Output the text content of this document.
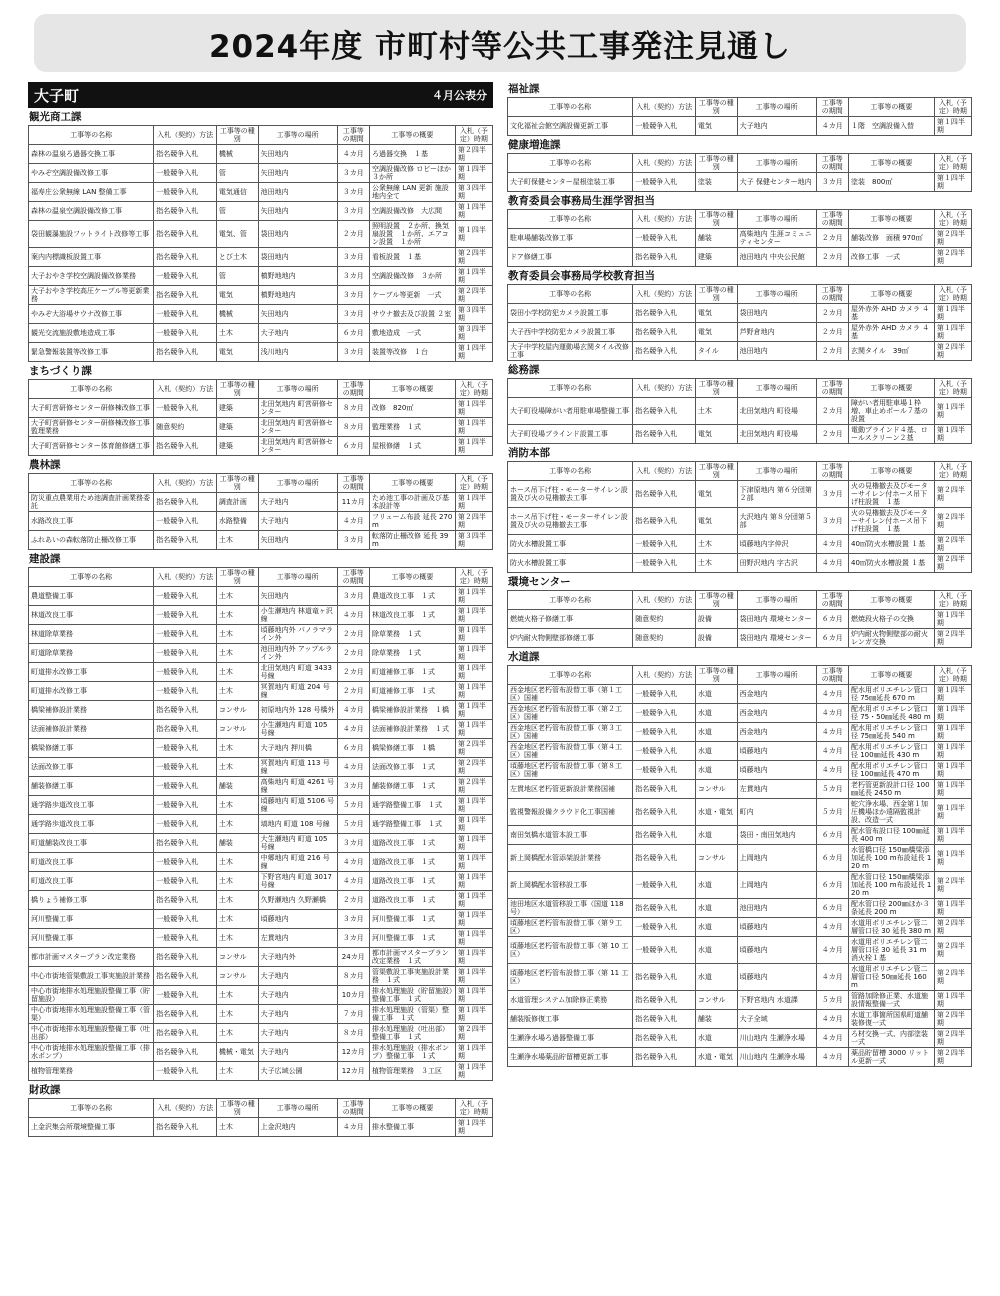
2024年度 市町村等公共工事発注見通し
大子町	４月公表分
観光商工課
工事等の名称	入札（契約）方法	工事等の種別	工事等の場所	工事等の期間	工事等の概要	入札（予定）時期
森林の温泉ろ過器交換工事	指名競争入札	機械	矢田地内	４カ月	ろ過器交換　１基	第２四半期
やみぞ空調設備改修工事	一般競争入札	管	矢田地内	３カ月	空調設備改修 ロビーほか３か所	第１四半期
福寿庄公衆無線 LAN 整備工事	一般競争入札	電気通信	池田地内	３カ月	公衆無線 LAN 更新 施設地内全て	第３四半期
森林の温泉空調設備改修工事	指名競争入札	管	矢田地内	３カ月	空調設備改修　大広間	第１四半期
袋田観瀑施設フットライト改修等工事	指名競争入札	電気、管	袋田地内	２カ月	照明設置　２か所、換気扇設置　１か所、エアコン設置　１か所	第１四半期
案内内標識板設置工事	指名競争入札	とび土木	袋田地内	３カ月	看板設置　１基	第２四半期
大子おやき学校空調設備改修業務	一般競争入札	管	槙野地地内	３カ月	空調設備改修　３か所	第１四半期
大子おやき学校高圧ケーブル等更新業務	指名競争入札	電気	槙野地地内	３カ月	ケーブル等更新　一式	第２四半期
やみぞ大浴場サウナ改修工事	一般競争入札	機械	矢田地内	３カ月	サウナ撤去及び設置 ２室	第３四半期
観光交流施設敷地造成工事	一般競争入札	土木	大子地内	６カ月	敷地造成　一式	第３四半期
緊急警報装置等改修工事	指名競争入札	電気	浅川地内	３カ月	装置等改修　１台	第１四半期
まちづくり課
工事等の名称	入札（契約）方法	工事等の種別	工事等の場所	工事等の期間	工事等の概要	入札（予定）時期
大子町営研修センター研修棟改修工事	一般競争入札	建築	北田気地内 町営研修センター	８カ月	改修　820㎡	第１四半期
大子町営研修センター研修棟改修工事監理業務	随意契約	建築	北田気地内 町営研修センター	８カ月	監理業務　１式	第１四半期
大子町営研修センター体育館修繕工事	指名競争入札	建築	北田気地内 町営研修センター	６カ月	屋根修繕　１式	第１四半期
農林課
工事等の名称	入札（契約）方法	工事等の種別	工事等の場所	工事等の期間	工事等の概要	入札（予定）時期
防災重点農業用ため池調査計画業務委託	指名競争入札	調査計画	大子地内	11カ月	ため池工事の計画及び基本設計等	第１四半期
水路改良工事	一般競争入札	水路整備	大子地内	４カ月	フリューム布設 延長 270 m	第２四半期
ふれあいの森転落防止柵改修工事	指名競争入札	土木	矢田地内	３カ月	転落防止柵改修 延長 39 m	第３四半期
建設課
工事等の名称	入札（契約）方法	工事等の種別	工事等の場所	工事等の期間	工事等の概要	入札（予定）時期
農道整備工事	一般競争入札	土木	矢田地内	３カ月	農道改良工事　１式	第１四半期
林道改良工事	一般競争入札	土木	小生瀬地内 林道竜ヶ沢線	４カ月	林道改良工事　１式	第１四半期
林道除草業務	一般競争入札	土木	頃藤地内外 パノラマライン外	２カ月	除草業務　１式	第１四半期
町道除草業務	一般競争入札	土木	池田地内外 アップルライン外	２カ月	除草業務　１式	第１四半期
町道排水改修工事	一般競争入札	土木	北田気地内 町道 3433 号線	２カ月	町道補修工事　１式	第１四半期
町道排水改修工事	一般競争入札	土木	冥賀地内 町道 204 号線	２カ月	町道補修工事　１式	第１四半期
橋梁補修設計業務	指名競争入札	コンサル	初原地内外 128 号橋外	４カ月	橋梁補修設計業務　１橋	第１四半期
法面補修設計業務	指名競争入札	コンサル	小生瀬地内 町道 105 号線	４カ月	法面補修設計業務　１式	第１四半期
橋梁修繕工事	一般競争入札	土木	大子地内 押川橋	６カ月	橋梁修繕工事　１橋	第２四半期
法面改修工事	一般競争入札	土木	冥賀地内 町道 113 号線	４カ月	法面改修工事　１式	第２四半期
舗装修繕工事	一般競争入札	舗装	高柴地内 町道 4261 号線	３カ月	舗装修繕工事　１式	第２四半期
通学路歩道改良工事	一般競争入札	土木	頃藤地内 町道 5106 号線	５カ月	通学路整備工事　１式	第１四半期
通学路歩道改良工事	一般競争入札	土木	塙地内 町道 108 号線	５カ月	通学路整備工事　１式	第１四半期
町道舗装改良工事	指名競争入札	舗装	大生瀬地内 町道 105 号線	３カ月	道路改良工事　１式	第１四半期
町道改良工事	一般競争入札	土木	中郷地内 町道 216 号線	４カ月	道路改良工事　１式	第１四半期
町道改良工事	一般競争入札	土木	下野宮地内 町道 3017 号線	４カ月	道路改良工事　１式	第１四半期
橋りょう補修工事	指名競争入札	土木	久野瀬地内 久野瀬橋	２カ月	道路改良工事　１式	第１四半期
河川整備工事	一般競争入札	土木	頃藤地内	３カ月	河川整備工事　１式	第１四半期
河川整備工事	一般競争入札	土木	左貫地内	３カ月	河川整備工事　１式	第１四半期
都市計画マスタープラン改定業務	指名競争入札	コンサル	大子地内外	24カ月	都市計画マスタープラン改定業務　１式	第１四半期
中心市街地管渠敷設工事実施設計業務	指名競争入札	コンサル	大子地内	８カ月	管渠敷設工事実施設計業務　１式	第１四半期
中心市街地排水処理施設整備工事（貯留施設）	一般競争入札	土木	大子地内	10カ月	排水処理施設（貯留施設）整備工事　１式	第１四半期
中心市街地排水処理施設整備工事（管渠）	指名競争入札	土木	大子地内	７カ月	排水処理施設（管渠）整備工事　１式	第１四半期
中心市街地排水処理施設整備工事（吐出部）	指名競争入札	土木	大子地内	８カ月	排水処理施設（吐出部）整備工事　１式	第２四半期
中心市街地排水処理施設整備工事（排水ポンプ）	指名競争入札	機械・電気	大子地内	12カ月	排水処理施設（排水ポンプ）整備工事　１式	第１四半期
植物管理業務	一般競争入札	土木	大子広域公園	12カ月	植物管理業務　３工区	第１四半期
財政課
工事等の名称	入札（契約）方法	工事等の種別	工事等の場所	工事等の期間	工事等の概要	入札（予定）時期
上金沢集会所環境整備工事	指名競争入札	土木	上金沢地内	４カ月	排水整備工事	第１四半期
福祉課
工事等の名称	入札（契約）方法	工事等の種別	工事等の場所	工事等の期間	工事等の概要	入札（予定）時期
文化福祉会館空調設備更新工事	一般競争入札	電気	大子地内	４カ月	１階　空調設備入替	第１四半期
健康増進課
工事等の名称	入札（契約）方法	工事等の種別	工事等の場所	工事等の期間	工事等の概要	入札（予定）時期
大子町保健センター屋根塗装工事	一般競争入札	塗装	大子 保健センター地内	３カ月	塗装　800㎡	第１四半期
教育委員会事務局生涯学習担当
工事等の名称	入札（契約）方法	工事等の種別	工事等の場所	工事等の期間	工事等の概要	入札（予定）時期
駐車場舗装改修工事	一般競争入札	舗装	高柴地内 生涯コミュニティセンター	２カ月	舗装改修　面積 970㎡	第２四半期
ドア修繕工事	指名競争入札	建築	池田地内 中央公民館	２カ月	改修工事　一式	第２四半期
教育委員会事務局学校教育担当
工事等の名称	入札（契約）方法	工事等の種別	工事等の場所	工事等の期間	工事等の概要	入札（予定）時期
袋田小学校防犯カメラ設置工事	指名競争入札	電気	袋田地内	２カ月	屋外赤外 AHD カメラ ４基	第１四半期
大子西中学校防犯カメラ設置工事	指名競争入札	電気	芦野倉地内	２カ月	屋外赤外 AHD カメラ ４基	第１四半期
大子中学校屋内運動場玄関タイル改修工事	指名競争入札	タイル	池田地内	２カ月	玄関タイル　39㎡	第２四半期
総務課
工事等の名称	入札（契約）方法	工事等の種別	工事等の場所	工事等の期間	工事等の概要	入札（予定）時期
大子町役場障がい者用駐車場整備工事	指名競争入札	土木	北田気地内 町役場	２カ月	障がい者用駐車場１枠増、車止めポール７基の設置	第１四半期
大子町役場ブラインド設置工事	指名競争入札	電気	北田気地内 町役場	２カ月	電動ブラインド４基、ロールスクリーン２基	第１四半期
消防本部
工事等の名称	入札（契約）方法	工事等の種別	工事等の場所	工事等の期間	工事等の概要	入札（予定）時期
ホース吊下げ柱・モーターサイレン設置及び火の見櫓撤去工事	指名競争入札	電気	下津原地内 第６分団第２部	３カ月	火の見櫓撤去及びモーターサイレン付ホース吊下げ柱設置　１基	第２四半期
ホース吊下げ柱・モーターサイレン設置及び火の見櫓撤去工事	指名競争入札	電気	大沢地内 第８分団第５部	３カ月	火の見櫓撤去及びモーターサイレン付ホース吊下げ柱設置　１基	第２四半期
防火水槽設置工事	一般競争入札	土木	頃藤地内字仲沢	４カ月	40㎥防火水槽設置 １基	第２四半期
防火水槽設置工事	一般競争入札	土木	田野沢地内 字古沢	４カ月	40㎥防火水槽設置 １基	第２四半期
環境センター
工事等の名称	入札（契約）方法	工事等の種別	工事等の場所	工事等の期間	工事等の概要	入札（予定）時期
燃焼火格子修繕工事	随意契約	設備	袋田地内 環境センター	６カ月	燃焼段火格子の交換	第１四半期
炉内耐火物側壁部修繕工事	随意契約	設備	袋田地内 環境センター	６カ月	炉内耐火物側壁部の耐火レンガ交換	第２四半期
水道課
工事等の名称	入札（契約）方法	工事等の種別	工事等の場所	工事等の期間	工事等の概要	入札（予定）時期
西金地区老朽管布設替工事（第１工区）国補	一般競争入札	水道	西金地内	４カ月	配水用ポリエチレン管口径 75㎜延長 670 m	第１四半期
西金地区老朽管布設替工事（第２工区）国補	一般競争入札	水道	西金地内	４カ月	配水用ポリエチレン管口径 75・50㎜延長 480 m	第１四半期
西金地区老朽管布設替工事（第３工区）国補	一般競争入札	水道	西金地内	４カ月	配水用ポリエチレン管口径 75㎜延長 540 m	第１四半期
西金地区老朽管布設替工事（第４工区）国補	一般競争入札	水道	頃藤地内	４カ月	配水用ポリエチレン管口径 100㎜延長 430 m	第１四半期
頃藤地区老朽管布設替工事（第８工区）国補	一般競争入札	水道	頃藤地内	４カ月	配水用ポリエチレン管口径 100㎜延長 470 m	第１四半期
左貫地区老朽管更新設計業務国補	指名競争入札	コンサル	左貫地内	５カ月	老朽管更新設計口径 100㎜延長 2450 m	第１四半期
監視警報設備クラウド化工事国補	指名競争入札	水道・電気	町内	５カ月	蛇穴浄水場、西金第１加圧機場ほか遠隔監視計設、改造一式	第１四半期
南田気橋水道管本設工事	指名競争入札	水道	袋田・南田気地内	６カ月	配水管布設口径 100㎜延長 400 m	第１四半期
新上岡橋配水管添架設計業務	指名競争入札	コンサル	上岡地内	６カ月	水管橋口径 150㎜橋梁添加延長 100 m布設延長 120 m	第１四半期
新上岡橋配水管移設工事	一般競争入札	水道	上岡地内	６カ月	配水管口径 150㎜橋梁添加延長 100 m布設延長 120 m	第２四半期
池田地区水道管移設工事（国道 118 号）	指名競争入札	水道	池田地内	６カ月	配水管口径 200㎜ほか３条延長 200 m	第１四半期
頃藤地区老朽管布設替工事（第９工区）	一般競争入札	水道	頃藤地内	４カ月	水道用ポリエチレン管二層管口径 30 延長 380 m	第２四半期
頃藤地区老朽管布設替工事（第 10 工区）	一般競争入札	水道	頃藤地内	４カ月	水道用ポリエチレン管二層管口径 30 延長 31 m消火栓１基	第２四半期
頃藤地区老朽管布設替工事（第 11 工区）	指名競争入札	水道	頃藤地内	４カ月	水道用ポリエチレン管二層管口径 50㎜延長 160 m	第２四半期
水道管理システム加除修正業務	指名競争入札	コンサル	下野宮地内 水道課	５カ月	管路加除修正業、水道施設情報整備一式	第１四半期
舗装版修復工事	指名競争入札	舗装	大子全域	４カ月	水道工事箇所国県町道舗装修復一式	第２四半期
生瀬浄水場ろ過器整備工事	指名競争入札	水道	川山地内 生瀬浄水場	４カ月	ろ材交換一式、内部塗装一式	第２四半期
生瀬浄水場薬品貯留槽更新工事	指名競争入札	水道・電気	川山地内 生瀬浄水場	４カ月	薬品貯留槽 3000 リットル更新一式	第２四半期
